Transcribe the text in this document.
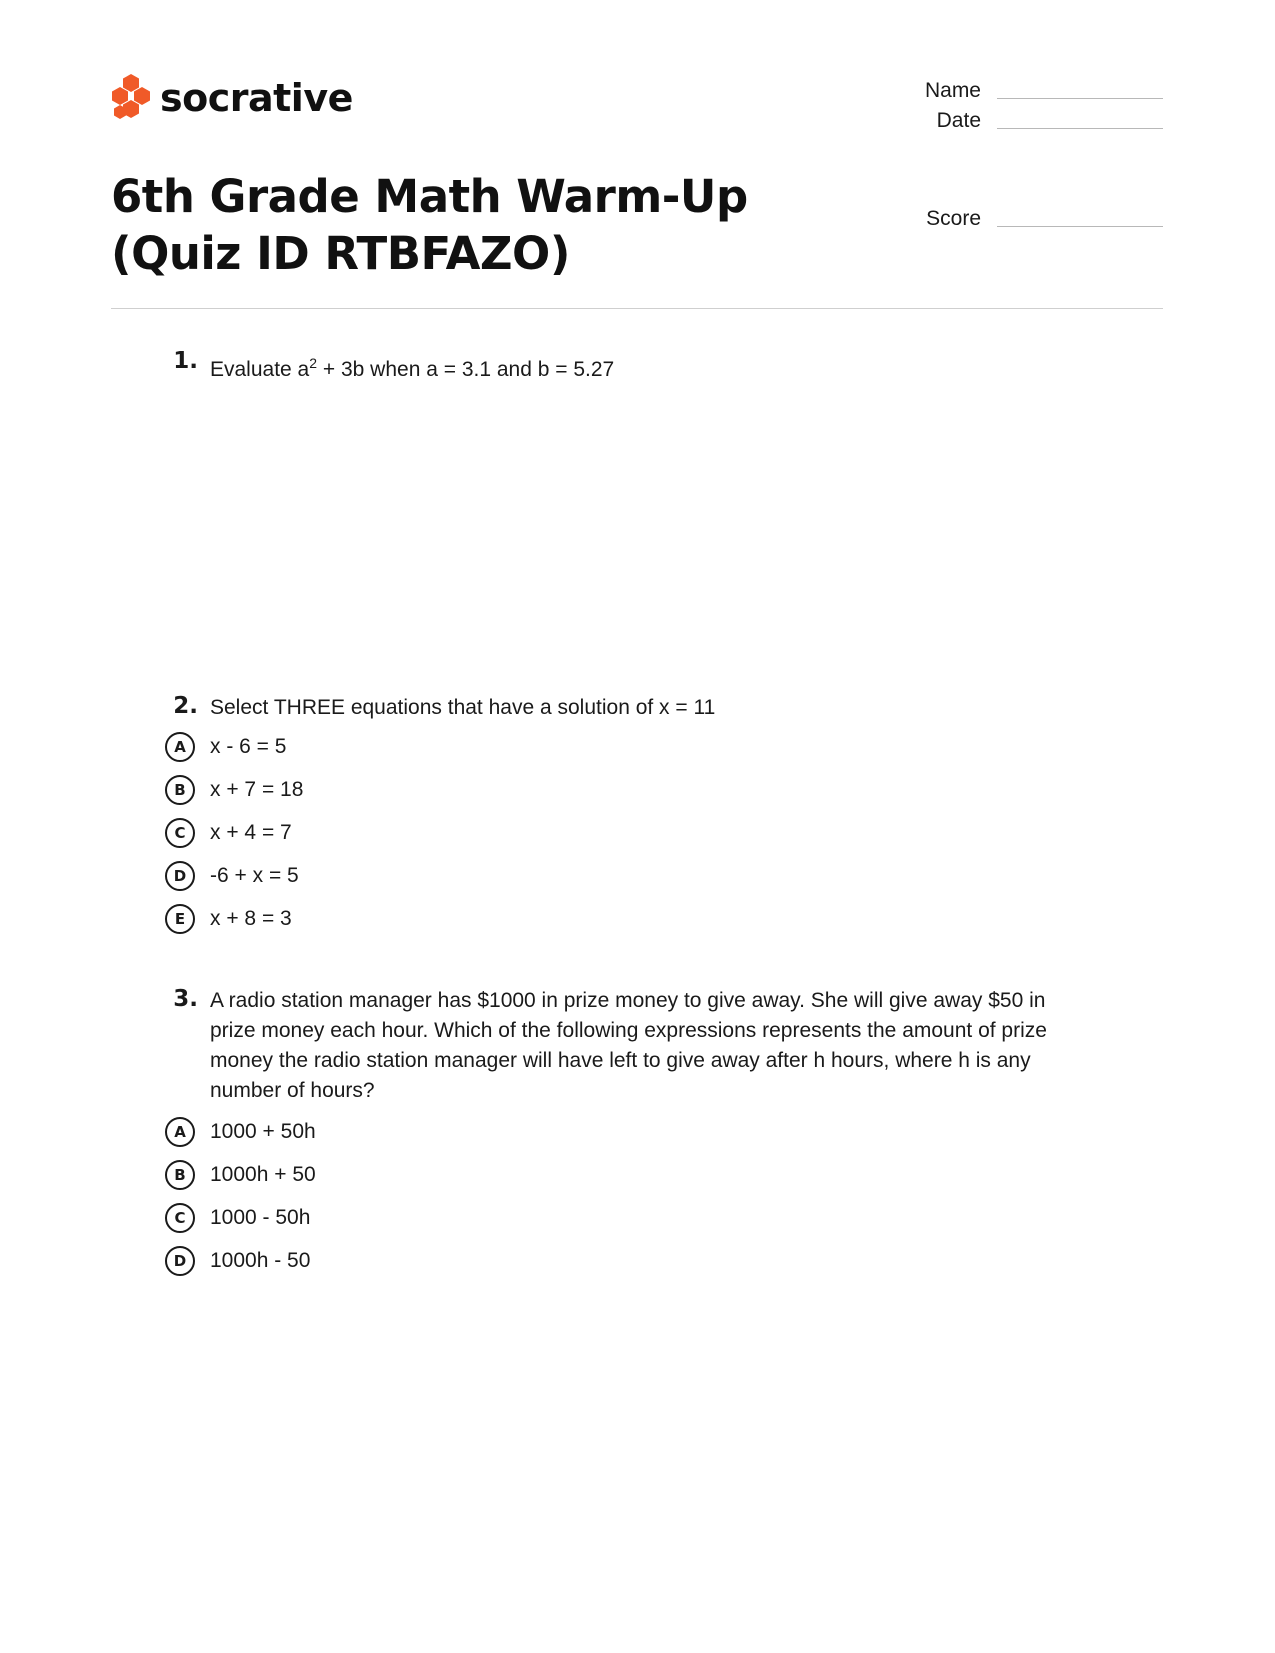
socrative	Name
Date
Score
6th Grade Math Warm-Up (Quiz ID RTBFAZO)
1. Evaluate $a^2 + 3b$ when a = 3.1 and b = 5.27
2. Select THREE equations that have a solution of x = 11
A	x - 6 = 5
B	x + 7 = 18
C	x + 4 = 7
D	-6 + x = 5
E	x + 8 = 3
3. A radio station manager has $1000 in prize money to give away. She will give away $50 in prize money each hour. Which of the following expressions represents the amount of prize money the radio station manager will have left to give away after h hours, where h is any number of hours?
A	1000 + 50h
B	1000h + 50
C	1000 - 50h
D	1000h - 50
